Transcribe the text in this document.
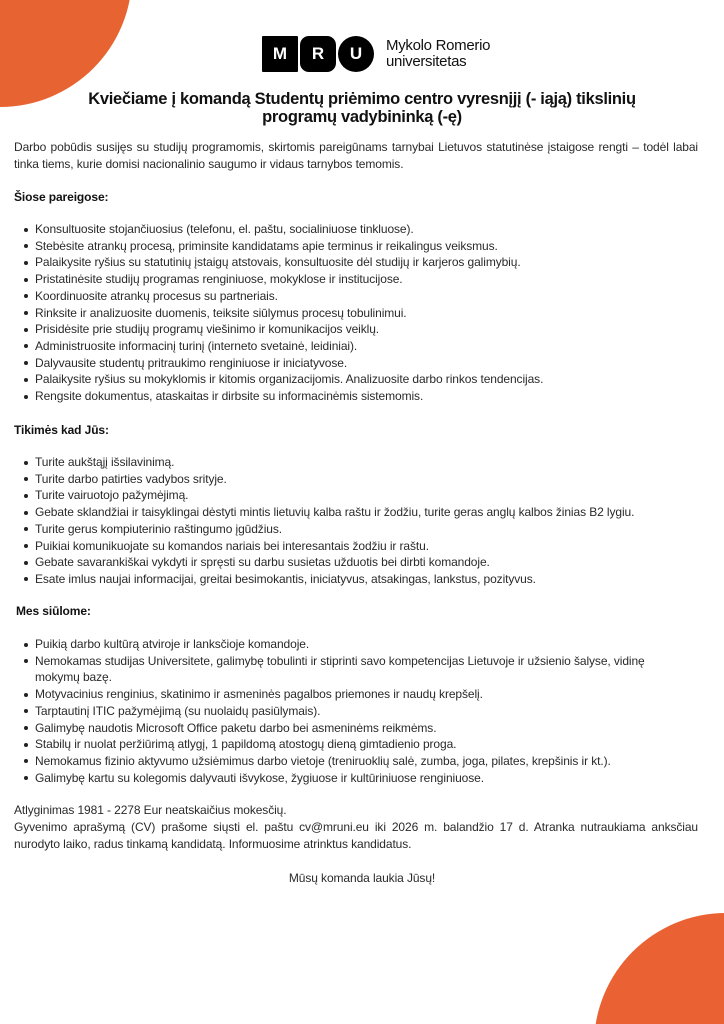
M	R	U	Mykolo Romerio
universitetas
Kviečiame į komandą Studentų priėmimo centro vyresnįjį (- iąją) tikslinių
programų vadybininką (-ę)

Darbo pobūdis susijęs su studijų programomis, skirtomis pareigūnams tarnybai Lietuvos statutinėse įstaigose rengti – todėl labai tinka tiems, kurie domisi nacionalinio saugumo ir vidaus tarnybos temomis.

Šiose pareigose:
Konsultuosite stojančiuosius (telefonu, el. paštu, socialiniuose tinkluose).
Stebėsite atrankų procesą, priminsite kandidatams apie terminus ir reikalingus veiksmus.
Palaikysite ryšius su statutinių įstaigų atstovais, konsultuosite dėl studijų ir karjeros galimybių.
Pristatinėsite studijų programas renginiuose, mokyklose ir institucijose.
Koordinuosite atrankų procesus su partneriais.
Rinksite ir analizuosite duomenis, teiksite siūlymus procesų tobulinimui.
Prisidėsite prie studijų programų viešinimo ir komunikacijos veiklų.
Administruosite informacinį turinį (interneto svetainė, leidiniai).
Dalyvausite studentų pritraukimo renginiuose ir iniciatyvose.
Palaikysite ryšius su mokyklomis ir kitomis organizacijomis. Analizuosite darbo rinkos tendencijas.
Rengsite dokumentus, ataskaitas ir dirbsite su informacinėmis sistemomis.
Tikimės kad Jūs:
Turite aukštąjį išsilavinimą.
Turite darbo patirties vadybos srityje.
Turite vairuotojo pažymėjimą.
Gebate sklandžiai ir taisyklingai dėstyti mintis lietuvių kalba raštu ir žodžiu, turite geras anglų kalbos žinias B2 lygiu.
Turite gerus kompiuterinio raštingumo įgūdžius.
Puikiai komunikuojate su komandos nariais bei interesantais žodžiu ir raštu.
Gebate savarankiškai vykdyti ir spręsti su darbu susietas užduotis bei dirbti komandoje.
Esate imlus naujai informacijai, greitai besimokantis, iniciatyvus, atsakingas, lankstus, pozityvus.
Mes siūlome:
Puikią darbo kultūrą atviroje ir lanksčioje komandoje.
Nemokamas studijas Universitete, galimybę tobulinti ir stiprinti savo kompetencijas Lietuvoje ir užsienio šalyse, vidinę mokymų bazę.
Motyvacinius renginius, skatinimo ir asmeninės pagalbos priemones ir naudų krepšelį.
Tarptautinį ITIC pažymėjimą (su nuolaidų pasiūlymais).
Galimybę naudotis Microsoft Office paketu darbo bei asmeninėms reikmėms.
Stabilų ir nuolat peržiūrimą atlygį, 1 papildomą atostogų dieną gimtadienio proga.
Nemokamus fizinio aktyvumo užsiėmimus darbo vietoje (treniruoklių salė, zumba, joga, pilates, krepšinis ir kt.).
Galimybę kartu su kolegomis dalyvauti išvykose, žygiuose ir kultūriniuose renginiuose.

Atlyginimas 1981 - 2278 Eur neatskaičius mokesčių.

Gyvenimo aprašymą (CV) prašome siųsti el. paštu cv@mruni.eu iki 2026 m. balandžio 17 d. Atranka nutraukiama anksčiau nurodyto laiko, radus tinkamą kandidatą. Informuosime atrinktus kandidatus.

Mūsų komanda laukia Jūsų!
